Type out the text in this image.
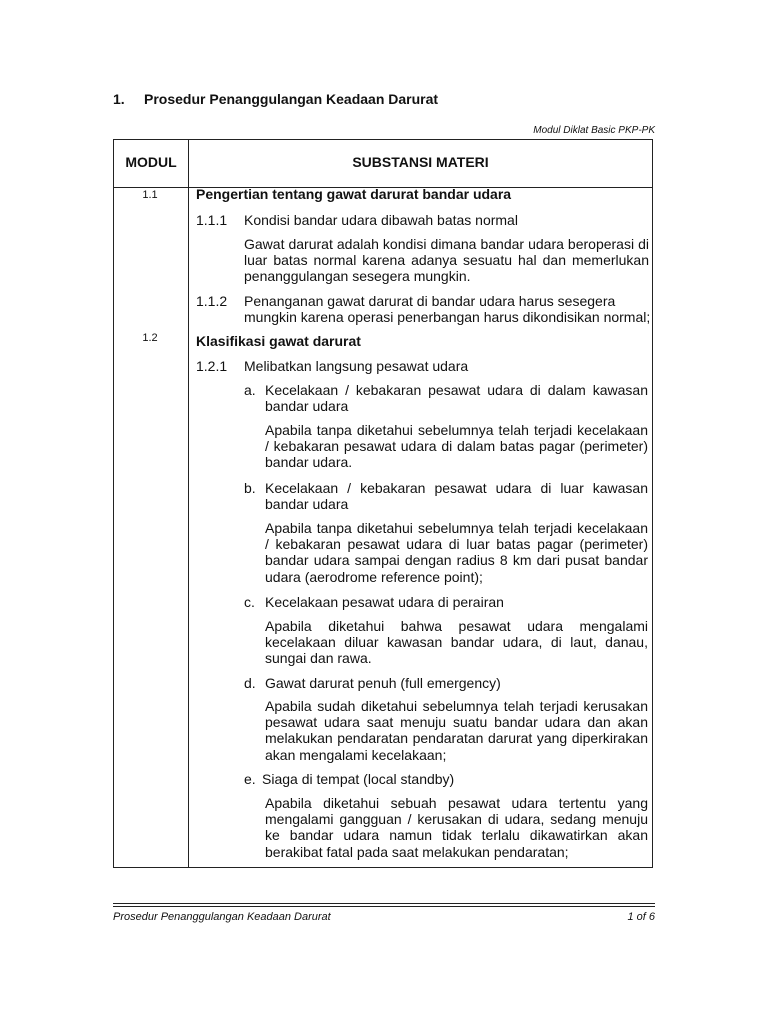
1. Prosedur Penanggulangan Keadaan Darurat
Modul Diklat Basic PKP-PK
MODUL	SUBSTANSI MATERI
1.1	Pengertian tentang gawat darurat bandar udara
1.1.1 Kondisi bandar udara dibawah batas normal
Gawat darurat adalah kondisi dimana bandar udara beroperasi di luar batas normal karena adanya sesuatu hal dan memerlukan penanggulangan sesegera mungkin.
1.1.2 Penanganan gawat darurat di bandar udara harus sesegera mungkin karena operasi penerbangan harus dikondisikan normal;
1.2	Klasifikasi gawat darurat
1.2.1 Melibatkan langsung pesawat udara
a. Kecelakaan / kebakaran pesawat udara di dalam kawasan bandar udara
Apabila tanpa diketahui sebelumnya telah terjadi kecelakaan / kebakaran pesawat udara di dalam batas pagar (perimeter) bandar udara.
b. Kecelakaan / kebakaran pesawat udara di luar kawasan bandar udara
Apabila tanpa diketahui sebelumnya telah terjadi kecelakaan / kebakaran pesawat udara di luar batas pagar (perimeter) bandar udara sampai dengan radius 8 km dari pusat bandar udara (aerodrome reference point);
c. Kecelakaan pesawat udara di perairan
Apabila diketahui bahwa pesawat udara mengalami kecelakaan diluar kawasan bandar udara, di laut, danau, sungai dan rawa.
d. Gawat darurat penuh (full emergency)
Apabila sudah diketahui sebelumnya telah terjadi kerusakan pesawat udara saat menuju suatu bandar udara dan akan melakukan pendaratan pendaratan darurat yang diperkirakan akan mengalami kecelakaan;
e. Siaga di tempat (local standby)
Apabila diketahui sebuah pesawat udara tertentu yang mengalami gangguan / kerusakan di udara, sedang menuju ke bandar udara namun tidak terlalu dikawatirkan akan berakibat fatal pada saat melakukan pendaratan;
Prosedur Penanggulangan Keadaan Darurat	1 of 6
